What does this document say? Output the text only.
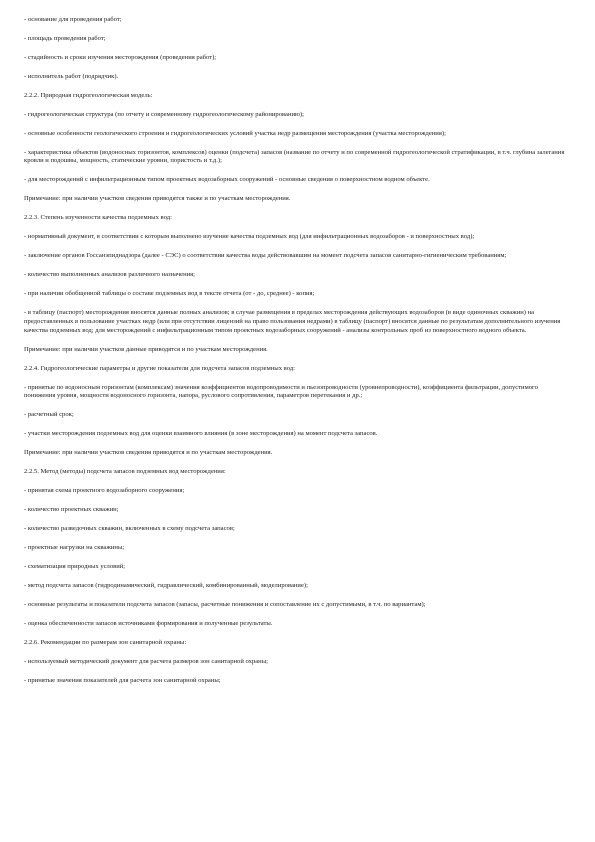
- основание для проведения работ;

- площадь проведения работ;

- стадийность и сроки изучения месторождения (проведения работ);

- исполнитель работ (подрядчик).

2.2.2. Природная гидрогеологическая модель:

- гидрогеологическая структура (по отчету и современному гидрогеологическому районированию);

- основные особенности геологического строения и гидрогеологических условий участка недр размещения месторождения (участка месторождения);

- характеристика объектов (водоносных горизонтов, комплексов) оценки (подсчета) запасов (название по отчету и по современной гидрогеологической стратификации, в т.ч. глубина залегания кровли и подошвы, мощность, статические уровни, пористость и т.д.);

- для месторождений с инфильтрационным типом проектных водозаборных сооружений - основные сведения о поверхностном водном объекте.

Примечание: при наличии участков сведения приводятся также и по участкам месторождения.

2.2.3. Степень изученности качества подземных вод:

- нормативный документ, в соответствии с которым выполнено изучение качества подземных вод (для инфильтрационных водозаборов - и поверхностных вод);

- заключение органов Госсанэпиднадзора (далее - СЭС) о соответствии качества воды действовавшим на момент подсчета запасов санитарно-гигиеническим требованиям;

- количество выполненных анализов различного назначения;

- при наличии обобщенной таблицы о составе подземных вод в тексте отчета (от - до, среднее) - копия;

- в таблицу (паспорт) месторождения вносятся данные полных анализов; в случае размещения в пределах месторождения действующих водозаборов (в виде одиночных скважин) на предоставленных в пользование участках недр (или при отсутствии лицензий на право пользования недрами) в таблицу (паспорт) вносятся данные по результатам дополнительного изучения качества подземных вод; для месторождений с инфильтрационным типом проектных водозаборных сооружений - анализы контрольных проб из поверхностного водного объекта.

Примечание: при наличии участков данные приводятся и по участкам месторождения.

2.2.4. Гидрогеологические параметры и другие показатели для подсчета запасов подземных вод:

- принятые по водоносным горизонтам (комплексам) значения коэффициентов водопроводимости и пьезопроводности (уровнепроводности), коэффициента фильтрации, допустимого понижения уровня, мощности водоносного горизонта, напора, руслового сопротивления, параметров перетекания и др.;

- расчетный срок;

- участки месторождения подземных вод для оценки взаимного влияния (в зоне месторождения) на момент подсчета запасов.

Примечание: при наличии участков сведения приводятся и по участкам месторождения.

2.2.5. Метод (методы) подсчета запасов подземных вод месторождения:

- принятая схема проектного водозаборного сооружения;

- количество проектных скважин;

- количество разведочных скважин, включенных в схему подсчета запасов;

- проектные нагрузки на скважины;

- схематизация природных условий;

- метод подсчета запасов (гидродинамический, гидравлический, комбинированный, моделирование);

- основные результаты и показатели подсчета запасов (запасы, расчетные понижения и сопоставление их с допустимыми, в т.ч. по вариантам);

- оценка обеспеченности запасов источниками формирования и полученные результаты.

2.2.6. Рекомендации по размерам зон санитарной охраны:

- используемый методический документ для расчета размеров зон санитарной охраны;

- принятые значения показателей для расчета зон санитарной охраны;
